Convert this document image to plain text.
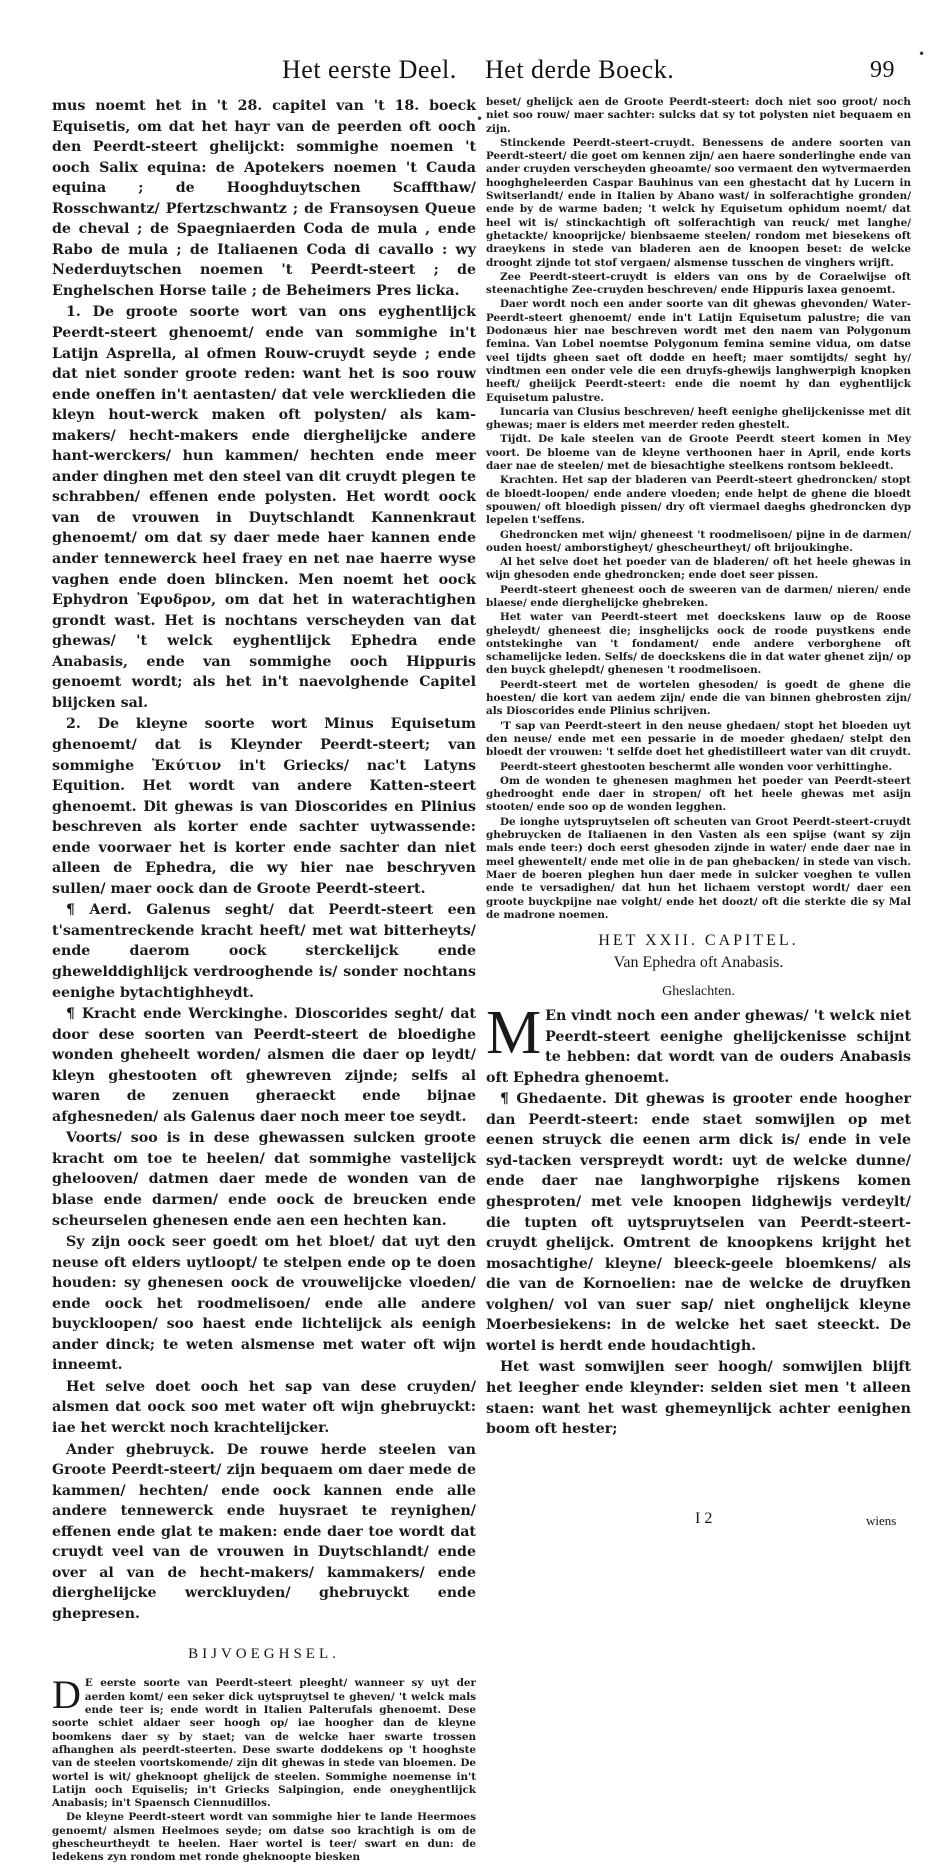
Het eerste Deel. Het derde Boeck.	99
•
•

mus noemt het in 't 28. capitel van 't 18. boeck Equisetis, om dat het hayr van de peerden oft ooch den Peerdt-steert ghelijckt: sommighe noemen 't ooch Salix equina: de Apotekers noemen 't Cauda equina ; de Hooghduytschen Scaffthaw/ Rosschwantz/ Pfertzschwantz ; de Fransoysen Queue de cheval ; de Spaegniaerden Coda de mula , ende Rabo de mula ; de Italiaenen Coda di cavallo : wy Nederduytschen noemen 't Peerdt-steert ; de Enghelschen Horse taile ; de Beheimers Pres licka.

1. De groote soorte wort van ons eyghentlijck Peerdt-steert ghenoemt/ ende van sommighe in't Latijn Asprella, al ofmen Rouw-cruydt seyde ; ende dat niet sonder groote reden: want het is soo rouw ende oneffen in't aentasten/ dat vele wercklieden die kleyn hout-werck maken oft polysten/ als kam-makers/ hecht-makers ende dierghelijcke andere hant-werckers/ hun kammen/ hechten ende meer ander dinghen met den steel van dit cruydt plegen te schrabben/ effenen ende polysten. Het wordt oock van de vrouwen in Duytschlandt Kannenkraut ghenoemt/ om dat sy daer mede haer kannen ende ander tennewerck heel fraey en net nae haerre wyse vaghen ende doen blincken. Men noemt het oock Ephydron Ἐφυδρον, om dat het in waterachtighen grondt wast. Het is nochtans verscheyden van dat ghewas/ 't welck eyghentlijck Ephedra ende Anabasis, ende van sommighe ooch Hippuris genoemt wordt; als het in't naevolghende Capitel blijcken sal.

2. De kleyne soorte wort Minus Equisetum ghenoemt/ dat is Kleynder Peerdt-steert; van sommighe Ἐκύτιον in't Griecks/ nac't Latyns Equition. Het wordt van andere Katten-steert ghenoemt. Dit ghewas is van Dioscorides en Plinius beschreven als korter ende sachter uytwassende: ende voorwaer het is korter ende sachter dan niet alleen de Ephedra, die wy hier nae beschryven sullen/ maer oock dan de Groote Peerdt-steert.

¶ Aerd. Galenus seght/ dat Peerdt-steert een t'samentreckende kracht heeft/ met wat bitterheyts/ ende daerom oock sterckelijck ende ghewelddighlijck verdrooghende is/ sonder nochtans eenighe bytachtighheydt.

¶ Kracht ende Werckinghe. Dioscorides seght/ dat door dese soorten van Peerdt-steert de bloedighe wonden gheheelt worden/ alsmen die daer op leydt/ kleyn ghestooten oft ghewreven zijnde; selfs al waren de zenuen gheraeckt ende bijnae afghesneden/ als Galenus daer noch meer toe seydt.

Voorts/ soo is in dese ghewassen sulcken groote kracht om toe te heelen/ dat sommighe vastelijck ghelooven/ datmen daer mede de wonden van de blase ende darmen/ ende oock de breucken ende scheurselen ghenesen ende aen een hechten kan.

Sy zijn oock seer goedt om het bloet/ dat uyt den neuse oft elders uytloopt/ te stelpen ende op te doen houden: sy ghenesen oock de vrouwelijcke vloeden/ ende oock het roodmelisoen/ ende alle andere buyckloopen/ soo haest ende lichtelijck als eenigh ander dinck; te weten alsmense met water oft wijn inneemt.

Het selve doet ooch het sap van dese cruyden/ alsmen dat oock soo met water oft wijn ghebruyckt: iae het werckt noch krachtelijcker.

Ander ghebruyck. De rouwe herde steelen van Groote Peerdt-steert/ zijn bequaem om daer mede de kammen/ hechten/ ende oock kannen ende alle andere tennewerck ende huysraet te reynighen/ effenen ende glat te maken: ende daer toe wordt dat cruydt veel van de vrouwen in Duytschlandt/ ende over al van de hecht-makers/ kammakers/ ende dierghelijcke werckluyden/ ghebruyckt ende ghepresen.

BIJVOEGHSEL.

D E eerste soorte van Peerdt-steert pleeght/ wanneer sy uyt der aerden komt/ een seker dick uytspruytsel te gheven/ 't welck mals ende teer is; ende wordt in Italien Palterufals ghenoemt. Dese soorte schiet aldaer seer hoogh op/ iae hoogher dan de kleyne boomkens daer sy by staet; van de welcke haer swarte trossen afhanghen als peerdt-steerten. Dese swarte doddekens op 't hooghste van de steelen voortskomende/ zijn dit ghewas in stede van bloemen. De wortel is wit/ gheknoopt ghelijck de steelen. Sommighe noemense in't Latijn ooch Equiselis; in't Griecks Salpingion, ende oneyghentlijck Anabasis; in't Spaensch Ciennudillos.

De kleyne Peerdt-steert wordt van sommighe hier te lande Heermoes genoemt/ alsmen Heelmoes seyde; om datse soo krachtigh is om de ghescheurtheydt te heelen. Haer wortel is teer/ swart en dun: de ledekens zyn rondom met ronde gheknoopte biesken

beset/ ghelijck aen de Groote Peerdt-steert: doch niet soo groot/ noch niet soo rouw/ maer sachter: sulcks dat sy tot polysten niet bequaem en zijn.

Stinckende Peerdt-steert-cruydt. Benessens de andere soorten van Peerdt-steert/ die goet om kennen zijn/ aen haere sonderlinghe ende van ander cruyden verscheyden gheoamte/ soo vermaent den wytvermaerden hooghgheleerden Caspar Bauhinus van een ghestacht dat hy Lucern in Switserlandt/ ende in Italien by Abano wast/ in solferachtighe gronden/ ende by de warme baden; 't welck hy Equisetum ophidum noemt/ dat heel wit is/ stinckachtigh oft solferachtigh van reuck/ met langhe/ ghetackte/ knooprijcke/ bienbsaeme steelen/ rondom met biesekens oft draeykens in stede van bladeren aen de knoopen beset: de welcke drooght zijnde tot stof vergaen/ alsmense tusschen de vinghers wrijft.

Zee Peerdt-steert-cruydt is elders van ons by de Coraelwijse oft steenachtighe Zee-cruyden beschreven/ ende Hippuris laxea genoemt.

Daer wordt noch een ander soorte van dit ghewas ghevonden/ Water-Peerdt-steert ghenoemt/ ende in't Latijn Equisetum palustre; die van Dodonæus hier nae beschreven wordt met den naem van Polygonum femina. Van Lobel noemtse Polygonum femina semine vidua, om datse veel tijdts gheen saet oft dodde en heeft; maer somtijdts/ seght hy/ vindtmen een onder vele die een druyfs-ghewijs langhwerpigh knopken heeft/ gheiijck Peerdt-steert: ende die noemt hy dan eyghentlijck Equisetum palustre.

Iuncaria van Clusius beschreven/ heeft eenighe ghelijckenisse met dit ghewas; maer is elders met meerder reden ghestelt.

Tijdt. De kale steelen van de Groote Peerdt steert komen in Mey voort. De bloeme van de kleyne verthoonen haer in April, ende korts daer nae de steelen/ met de biesachtighe steelkens rontsom bekleedt.

Krachten. Het sap der bladeren van Peerdt-steert ghedroncken/ stopt de bloedt-loopen/ ende andere vloeden; ende helpt de ghene die bloedt spouwen/ oft bloedigh pissen/ dry oft viermael daeghs ghedroncken dyp lepelen t'seffens.

Ghedroncken met wijn/ gheneest 't roodmelisoen/ pijne in de darmen/ ouden hoest/ amborstigheyt/ ghescheurtheyt/ oft brijoukinghe.

Al het selve doet het poeder van de bladeren/ oft het heele ghewas in wijn ghesoden ende ghedroncken; ende doet seer pissen.

Peerdt-steert gheneest ooch de sweeren van de darmen/ nieren/ ende blaese/ ende dierghelijcke ghebreken.

Het water van Peerdt-steert met doeckskens lauw op de Roose gheleydt/ gheneest die; insghelijcks oock de roode puystkens ende ontstekinghe van 't fondament/ ende andere verborghene oft schamelijcke leden. Selfs/ de doeckskens die in dat water ghenet zijn/ op den buyck ghelepdt/ ghenesen 't roodmelisoen.

Peerdt-steert met de wortelen ghesoden/ is goedt de ghene die hoesten/ die kort van aedem zijn/ ende die van binnen ghebrosten zijn/ als Dioscorides ende Plinius schrijven.

'T sap van Peerdt-steert in den neuse ghedaen/ stopt het bloeden uyt den neuse/ ende met een pessarie in de moeder ghedaen/ stelpt den bloedt der vrouwen: 't selfde doet het ghedistilleert water van dit cruydt.

Peerdt-steert ghestooten beschermt alle wonden voor verhittinghe.

Om de wonden te ghenesen maghmen het poeder van Peerdt-steert ghedrooght ende daer in stropen/ oft het heele ghewas met asijn stooten/ ende soo op de wonden legghen.

De ionghe uytspruytselen oft scheuten van Groot Peerdt-steert-cruydt ghebruycken de Italiaenen in den Vasten als een spijse (want sy zijn mals ende teer:) doch eerst ghesoden zijnde in water/ ende daer nae in meel ghewentelt/ ende met olie in de pan ghebacken/ in stede van visch. Maer de boeren pleghen hun daer mede in sulcker voeghen te vullen ende te versadighen/ dat hun het lichaem verstopt wordt/ daer een groote buyckpijne nae volght/ ende het doozt/ oft die sterkte die sy Mal de madrone noemen.

HET XXII. CAPITEL.
Van Ephedra oft Anabasis.
Gheslachten.

M En vindt noch een ander ghewas/ 't welck niet Peerdt-steert eenighe ghelijckenisse schijnt te hebben: dat wordt van de ouders Anabasis oft Ephedra ghenoemt.

¶ Ghedaente. Dit ghewas is grooter ende hoogher dan Peerdt-steert: ende staet somwijlen op met eenen struyck die eenen arm dick is/ ende in vele syd-tacken verspreydt wordt: uyt de welcke dunne/ ende daer nae langhworpighe rijskens komen ghesproten/ met vele knoopen lidghewijs verdeylt/ die tupten oft uytspruytselen van Peerdt-steert-cruydt ghelijck. Omtrent de knoopkens krijght het mosachtighe/ kleyne/ bleeck-geele bloemkens/ als die van de Kornoelien: nae de welcke de druyfken volghen/ vol van suer sap/ niet onghelijck kleyne Moerbesiekens: in de welcke het saet steeckt. De wortel is herdt ende houdachtigh.

Het wast somwijlen seer hoogh/ somwijlen blijft het leegher ende kleynder: selden siet men 't alleen staen: want het wast ghemeynlijck achter eenighen boom oft hester;

I 2	wiens
